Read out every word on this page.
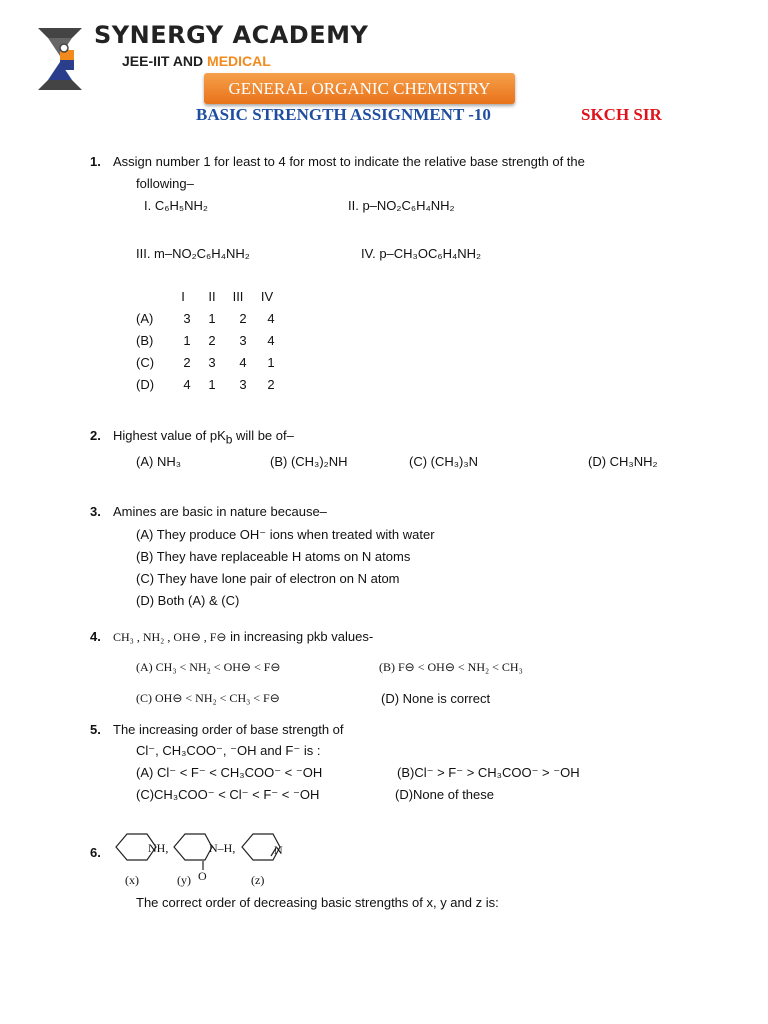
SYNERGY ACADEMY
JEE-IIT AND MEDICAL
GENERAL ORGANIC CHEMISTRY
BASIC STRENGTH ASSIGNMENT -10	SKCH SIR
1. Assign number 1 for least to 4 for most to indicate the relative base strength of the
following–
I. C₆H₅NH₂	II. p–NO₂C₆H₄NH₂
III. m–NO₂C₆H₄NH₂	IV. p–CH₃OC₆H₄NH₂
I	II	III	IV
(A)	3	1	2	4
(B)	1	2	3	4
(C)	2	3	4	1
(D)	4	1	3	2
2. Highest value of $pK_b$ will be of–
(A) NH₃	(B) (CH₃)₂NH	(C) (CH₃)₃N	(D) CH₃NH₂
3. Amines are basic in nature because–
(A) They produce OH⁻ ions when treated with water
(B) They have replaceable H atoms on N atoms
(C) They have lone pair of electron on N atom
(D) Both (A) & (C)
4. CH₃ , NH₂ , OH⊖ , F⊖ in increasing pkb values-
(A) CH₃ < NH₂ < OH⊖ < F⊖	(B) F⊖ < OH⊖ < NH₂ < CH₃
(C) OH⊖ < NH₂ < CH₃ < F⊖	(D) None is correct
5. The increasing order of base strength of
Cl⁻, CH₃COO⁻, ⁻OH and F⁻ is :
(A) Cl⁻ < F⁻ < CH₃COO⁻ < ⁻OH	(B)Cl⁻ > F⁻ > CH₃COO⁻ > ⁻OH
(C)CH₃COO⁻ < Cl⁻ < F⁻ < ⁻OH	(D)None of these
6.	NH,	N–H,	N
O
(x)	(y)	(z)
The correct order of decreasing basic strengths of x, y and z is:
